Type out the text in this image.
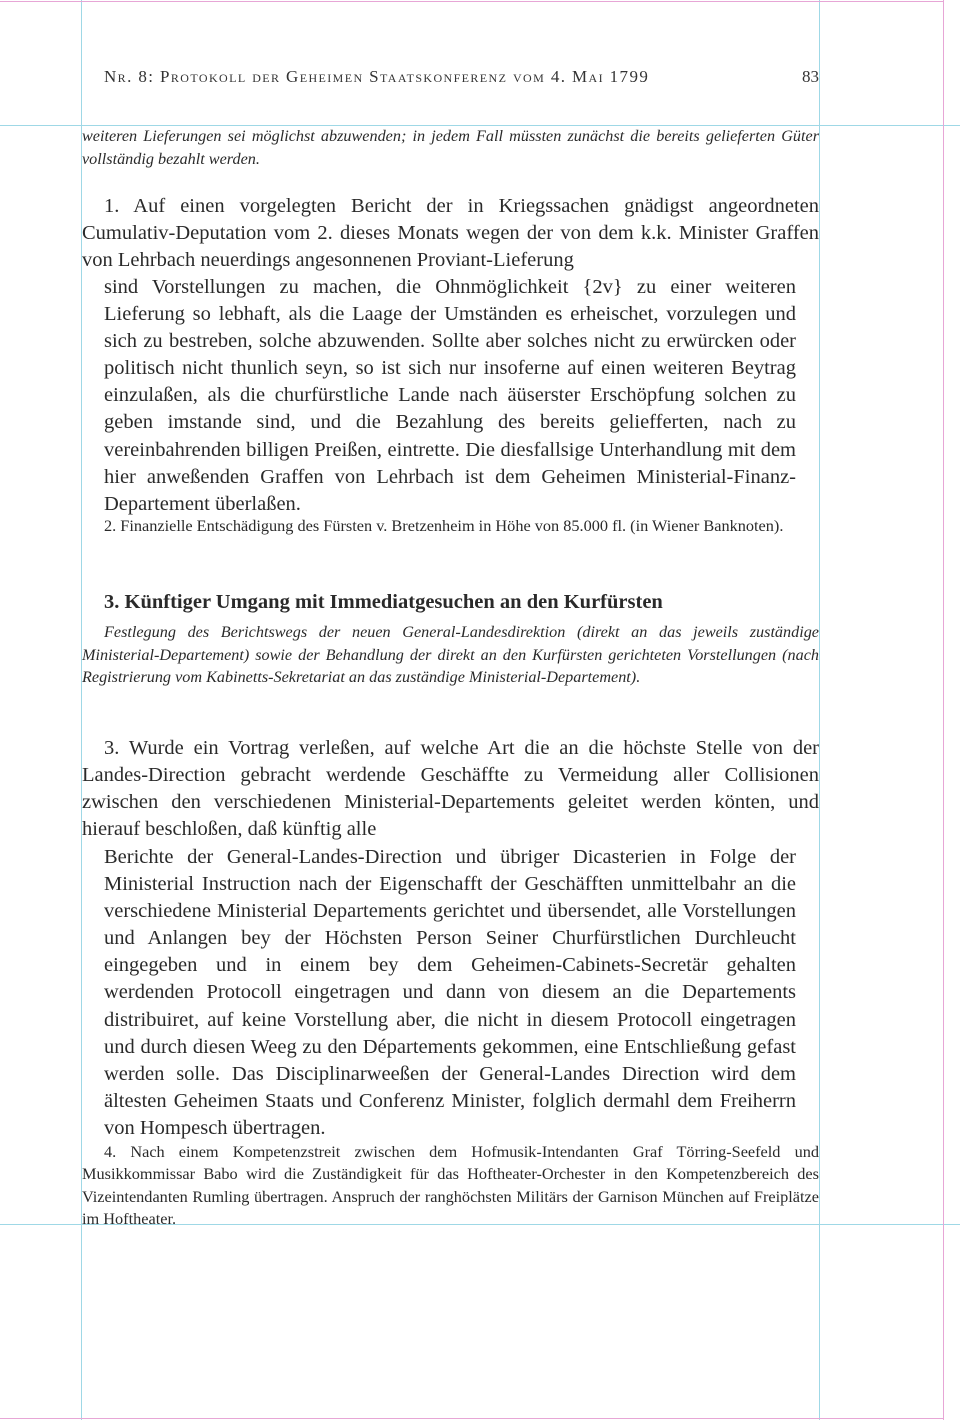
Nr. 8: Protokoll der Geheimen Staatskonferenz vom 4. Mai 1799	83

weiteren Lieferungen sei möglichst abzuwenden; in jedem Fall müssten zunächst die bereits gelieferten Güter vollständig bezahlt werden.

1. Auf einen vorgelegten Bericht der in Kriegssachen gnädigst angeordneten Cumulativ-Deputation vom 2. dieses Monats wegen der von dem k.k. Minister Graffen von Lehrbach neuerdings angesonnenen Proviant-Lieferung

sind Vorstellungen zu machen, die Ohnmöglichkeit {2v} zu einer weiteren Lieferung so lebhaft, als die Laage der Umständen es erheischet, vorzulegen und sich zu bestreben, solche abzuwenden. Sollte aber solches nicht zu erwürcken oder politisch nicht thunlich seyn, so ist sich nur insoferne auf einen weiteren Beytrag einzulaßen, als die churfürstliche Lande nach äüserster Erschöpfung solchen zu geben imstande sind, und die Bezahlung des bereits geliefferten, nach zu vereinbahrenden billigen Preißen, eintrette. Die diesfallsige Unterhandlung mit dem hier anweßenden Graffen von Lehrbach ist dem Geheimen Ministerial-Finanz-Departement überlaßen.

2. Finanzielle Entschädigung des Fürsten v. Bretzenheim in Höhe von 85.000 fl. (in Wiener Banknoten).

3. Künftiger Umgang mit Immediatgesuchen an den Kurfürsten

Festlegung des Berichtswegs der neuen General-Landesdirektion (direkt an das jeweils zuständige Ministerial-Departement) sowie der Behandlung der direkt an den Kurfürsten gerichteten Vorstellungen (nach Registrierung vom Kabinetts-Sekretariat an das zuständige Ministerial-Departement).

3. Wurde ein Vortrag verleßen, auf welche Art die an die höchste Stelle von der Landes-Direction gebracht werdende Geschäffte zu Vermeidung aller Collisionen zwischen den verschiedenen Ministerial-Departements geleitet werden könten, und hierauf beschloßen, daß künftig alle

Berichte der General-Landes-Direction und übriger Dicasterien in Folge der Ministerial Instruction nach der Eigenschafft der Geschäfften unmittelbahr an die verschiedene Ministerial Departements gerichtet und übersendet, alle Vorstellungen und Anlangen bey der Höchsten Person Seiner Churfürstlichen Durchleucht eingegeben und in einem bey dem Geheimen-Cabinets-Secretär gehalten werdenden Protocoll eingetragen und dann von diesem an die Departements distribuiret, auf keine Vorstellung aber, die nicht in diesem Protocoll eingetragen und durch diesen Weeg zu den Départements gekommen, eine Entschließung gefast werden solle. Das Disciplinarweeßen der General-Landes Direction wird dem ältesten Geheimen Staats und Conferenz Minister, folglich dermahl dem Freiherrn von Hompesch übertragen.

4. Nach einem Kompetenzstreit zwischen dem Hofmusik-Intendanten Graf Törring-Seefeld und Musikkommissar Babo wird die Zuständigkeit für das Hoftheater-Orchester in den Kompetenzbereich des Vizeintendanten Rumling übertragen. Anspruch der ranghöchsten Militärs der Garnison München auf Freiplätze im Hoftheater.
